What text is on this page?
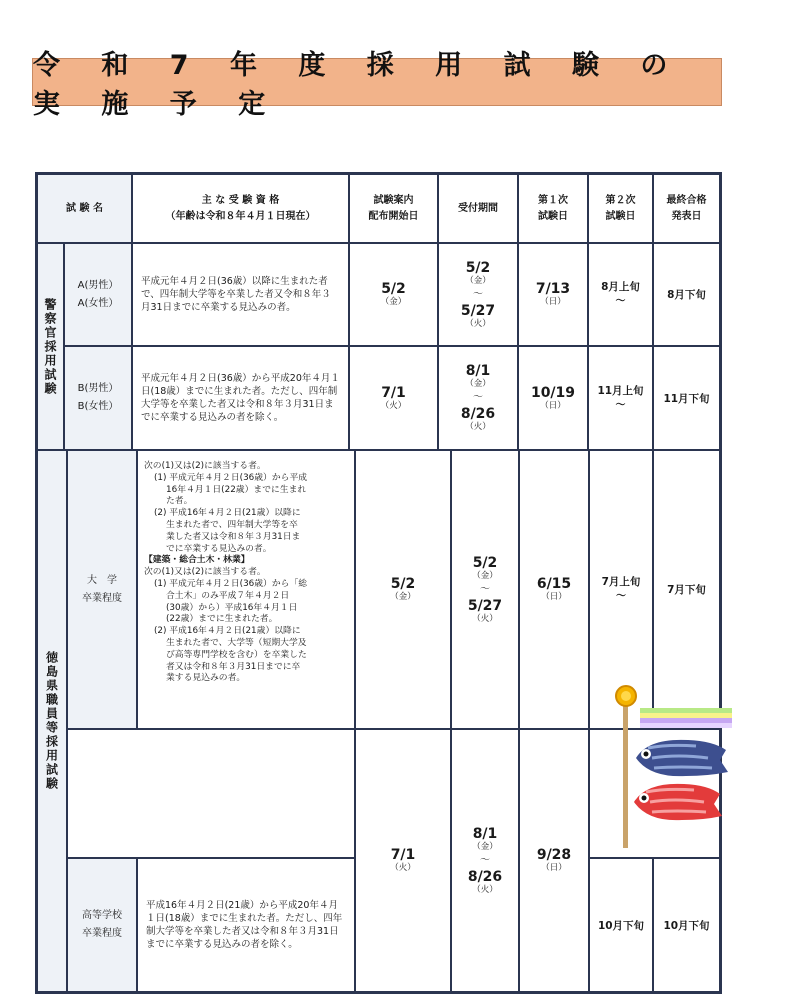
令 和 7 年 度 採 用 試 験 の 実 施 予 定
試 験 名
主 な 受 験 資 格
（年齢は令和８年４月１日現在）
試験案内
配布開始日
受付期間
第１次
試験日
第２次
試験日
最終合格
発表日
警察官採用試験
A(男性）
A(女性）
平成元年４月２日(36歳）以降に生まれた者で、四年制大学等を卒業した者又令和８年３月31日までに卒業する見込みの者。
5/2
（金）
5/2
（金）
～
5/27
（火）
7/13
（日）
8月上旬
～
8月下旬
B(男性）
B(女性）
平成元年４月２日(36歳）から平成20年４月１日(18歳）までに生まれた者。ただし、四年制大学等を卒業した者又は令和８年３月31日までに卒業する見込みの者を除く。
7/1
（火）
8/1
（金）
～
8/26
（火）
10/19
（日）
11月上旬
～
11月下旬
徳島県職員等採用試験
大　学
卒業程度

次の(1)又は(2)に該当する者。

(1) 平成元年４月２日(36歳）から平成

16年４月１日(22歳）までに生まれ

た者。

(2) 平成16年４月２日(21歳）以降に

生まれた者で、四年制大学等を卒

業した者又は令和８年３月31日ま

でに卒業する見込みの者。

【建築・総合土木・林業】

次の(1)又は(2)に該当する者。

(1) 平成元年４月２日(36歳）から「総

合土木」のみ平成７年４月２日

(30歳）から）平成16年４月１日

(22歳）までに生まれた者。

(2) 平成16年４月２日(21歳）以降に

生まれた者で、大学等（短期大学及

び高等専門学校を含む）を卒業した

者又は令和８年３月31日までに卒

業する見込みの者。

5/2
（金）
5/2
（金）
～
5/27
（火）
6/15
（日）
7月上旬
～
7月下旬
高等学校
卒業程度
平成16年４月２日(21歳）から平成20年４月１日(18歳）までに生まれた者。ただし、四年制大学等を卒業した者又は令和８年３月31日までに卒業する見込みの者を除く。
7/1
（火）
8/1
（金）
～
8/26
（火）
9/28
（日）
10月下旬 10月下旬
